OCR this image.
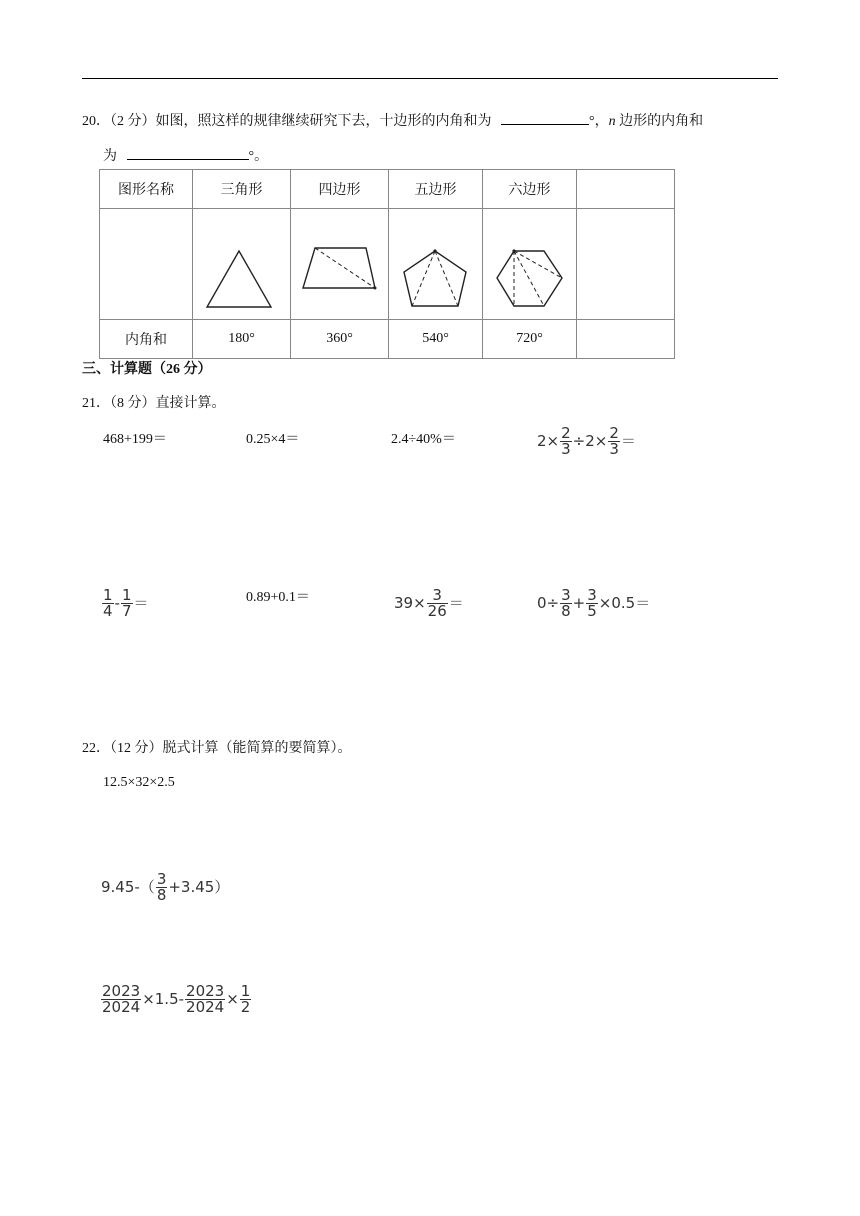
20．（2 分）如图，照这样的规律继续研究下去，十边形的内角和为	°，n 边形的内角和
为	°。
图形名称	三角形	四边形	五边形	六边形	

内角和	180°	360°	540°	720°	
三、计算题（26 分）
21．（8 分）直接计算。
468+199＝	0.25×4＝	2.4÷40%＝	$2\times \frac{2}{3} \div 2\times \frac{2}{3}$ ＝
$\frac{1}{4} - \frac{1}{7}$ ＝	0.89+0.1＝	$39\times \frac{3}{26}$ ＝	$0\div \frac{3}{8} + \frac{3}{5} \times 0.5=$
22．（12 分）脱式计算（能简算的要简算）。
12.5×32×2.5
$9.45-( \frac{3}{8} +3.45)$
$\frac{2023}{2024} \times 1.5- \frac{2023}{2024} \times \frac{1}{2}$
